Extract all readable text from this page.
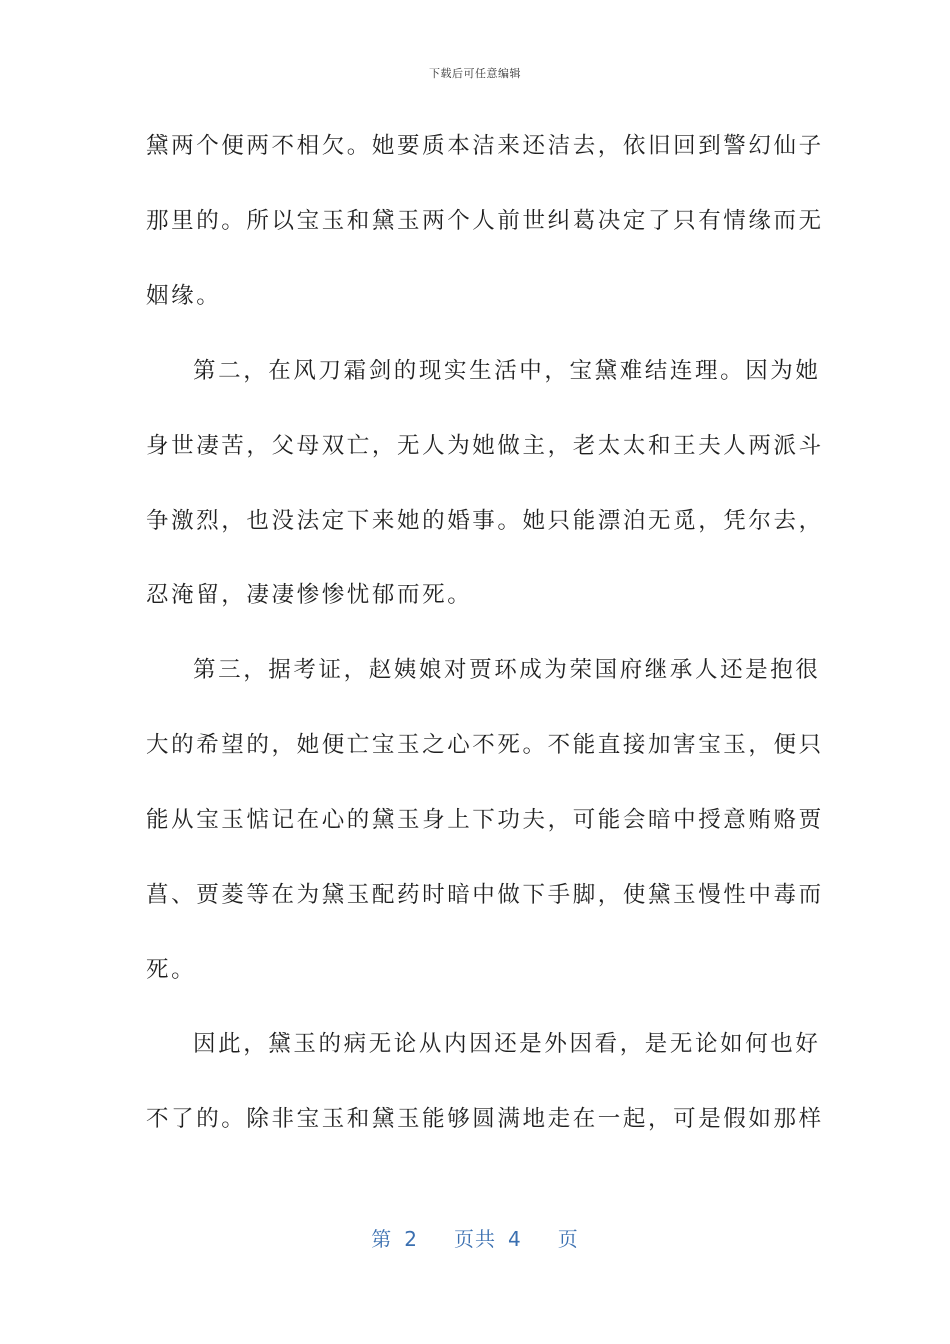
下载后可任意编辑
黛两个便两不相欠。她要质本洁来还洁去，依旧回到警幻仙子
那里的。所以宝玉和黛玉两个人前世纠葛决定了只有情缘而无
姻缘。
第二，在风刀霜剑的现实生活中，宝黛难结连理。因为她
身世凄苦，父母双亡，无人为她做主，老太太和王夫人两派斗
争激烈，也没法定下来她的婚事。她只能漂泊无觅，凭尔去，
忍淹留，凄凄惨惨忧郁而死。
第三，据考证，赵姨娘对贾环成为荣国府继承人还是抱很
大的希望的，她便亡宝玉之心不死。不能直接加害宝玉，便只
能从宝玉惦记在心的黛玉身上下功夫，可能会暗中授意贿赂贾
菖、贾菱等在为黛玉配药时暗中做下手脚，使黛玉慢性中毒而
死。
因此，黛玉的病无论从内因还是外因看，是无论如何也好
不了的。除非宝玉和黛玉能够圆满地走在一起，可是假如那样
第 2 页共 4 页
